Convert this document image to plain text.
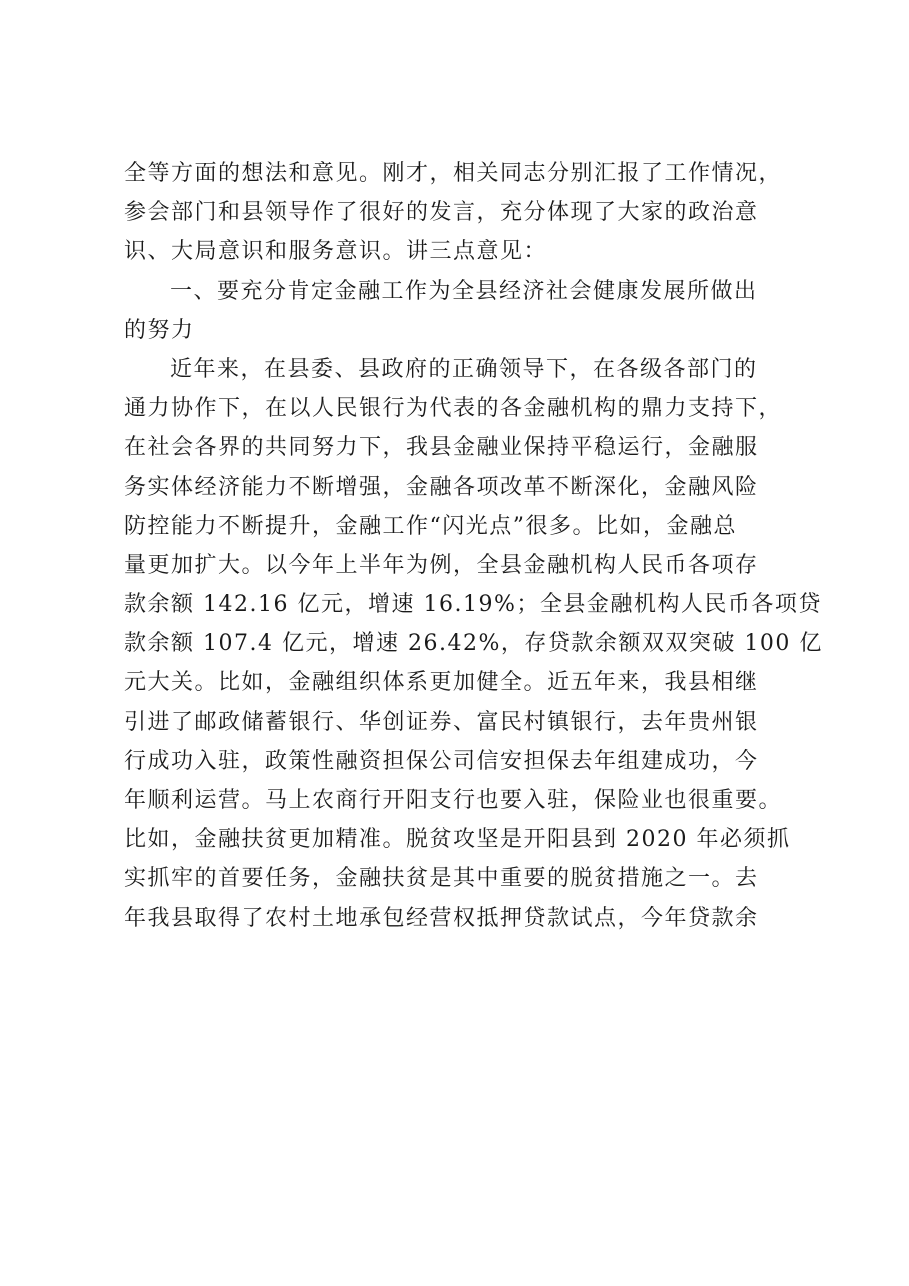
全等方面的想法和意见。刚才，相关同志分别汇报了工作情况，
参会部门和县领导作了很好的发言，充分体现了大家的政治意
识、大局意识和服务意识。讲三点意见：
一、要充分肯定金融工作为全县经济社会健康发展所做出
的努力
近年来，在县委、县政府的正确领导下，在各级各部门的
通力协作下，在以人民银行为代表的各金融机构的鼎力支持下，
在社会各界的共同努力下，我县金融业保持平稳运行，金融服
务实体经济能力不断增强，金融各项改革不断深化，金融风险
防控能力不断提升，金融工作“闪光点”很多。比如，金融总
量更加扩大。以今年上半年为例，全县金融机构人民币各项存
款余额 142.16 亿元，增速 16.19%；全县金融机构人民币各项贷
款余额 107.4 亿元，增速 26.42%，存贷款余额双双突破 100 亿
元大关。比如，金融组织体系更加健全。近五年来，我县相继
引进了邮政储蓄银行、华创证券、富民村镇银行，去年贵州银
行成功入驻，政策性融资担保公司信安担保去年组建成功，今
年顺利运营。马上农商行开阳支行也要入驻，保险业也很重要。
比如，金融扶贫更加精准。脱贫攻坚是开阳县到 2020 年必须抓
实抓牢的首要任务，金融扶贫是其中重要的脱贫措施之一。去
年我县取得了农村土地承包经营权抵押贷款试点，今年贷款余
